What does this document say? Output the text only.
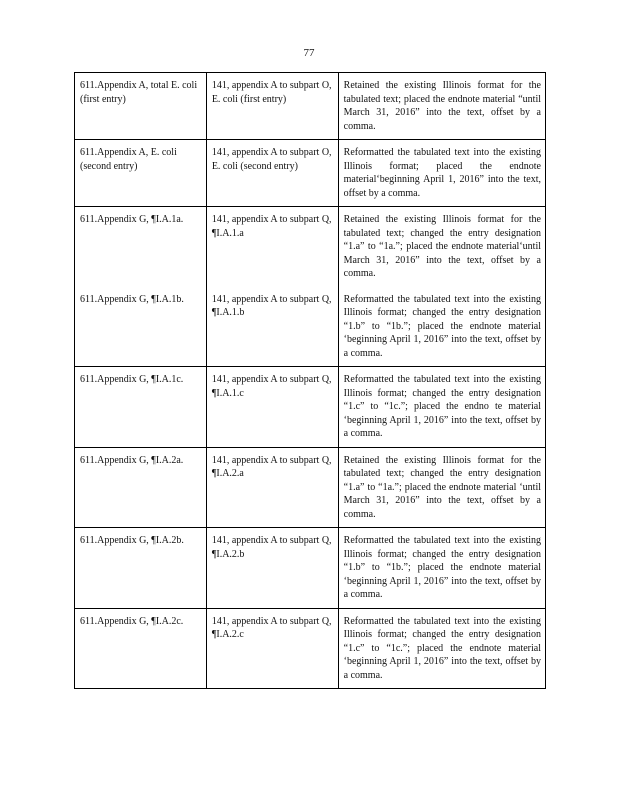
77
611.Appendix A, total E. coli (first entry)	141, appendix A to subpart O, E. coli (first entry)	Retained the existing Illinois format for the tabulated text; placed the endnote material “until March 31, 2016” into the text, offset by a comma.
611.Appendix A, E. coli (second entry)	141, appendix A to subpart O, E. coli (second entry)	Reformatted the tabulated text into the existing Illinois format; placed the endnote material‘beginning April 1, 2016” into the text, offset by a comma.
611.Appendix G, ¶I.A.1a.	141, appendix A to subpart Q, ¶I.A.1.a	Retained the existing Illinois format for the tabulated text; changed the entry designation “1.a” to “1a.”; placed the endnote material‘until March 31, 2016” into the text, offset by a comma.
611.Appendix G, ¶I.A.1b.	141, appendix A to subpart Q, ¶I.A.1.b	Reformatted the tabulated text into the existing Illinois format; changed the entry designation “1.b” to “1b.”; placed the endnote material ‘beginning April 1, 2016” into the text, offset by a comma.
611.Appendix G, ¶I.A.1c.	141, appendix A to subpart Q, ¶I.A.1.c	Reformatted the tabulated text into the existing Illinois format; changed the entry designation “1.c” to “1c.”; placed the endno te material ‘beginning April 1, 2016” into the text, offset by a comma.
611.Appendix G, ¶I.A.2a.	141, appendix A to subpart Q, ¶I.A.2.a	Retained the existing Illinois format for the tabulated text; changed the entry designation “1.a” to “1a.”; placed the endnote material ‘until March 31, 2016” into the text, offset by a comma.
611.Appendix G, ¶I.A.2b.	141, appendix A to subpart Q, ¶I.A.2.b	Reformatted the tabulated text into the existing Illinois format; changed the entry designation “1.b” to “1b.”; placed the endnote material ‘beginning April 1, 2016” into the text, offset by a comma.
611.Appendix G, ¶I.A.2c.	141, appendix A to subpart Q, ¶I.A.2.c	Reformatted the tabulated text into the existing Illinois format; changed the entry designation “1.c” to “1c.”; placed the endnote material ‘beginning April 1, 2016” into the text, offset by a comma.
